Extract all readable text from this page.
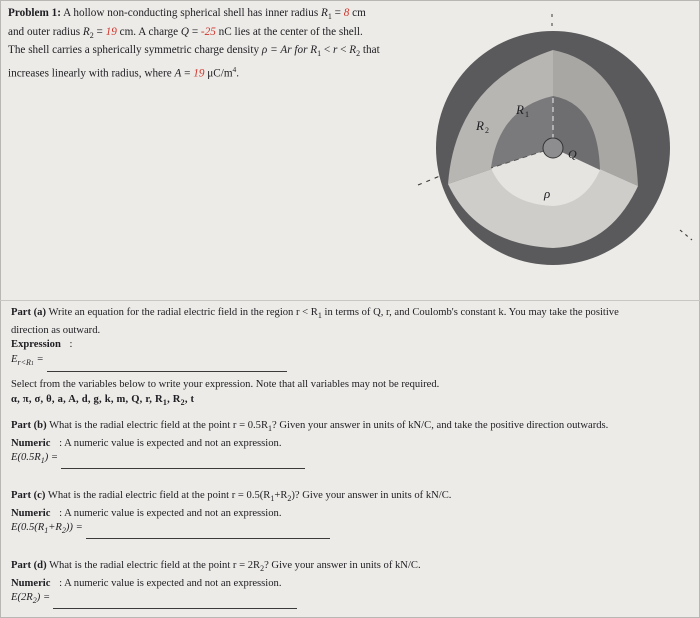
Problem 1: A hollow non-conducting spherical shell has inner radius $R_1 = 8$ cm
and outer radius $R_2 = 19$ cm. A charge Q = -25 nC lies at the center of the shell.
The shell carries a spherically symmetric charge density ρ = Ar for $R_1 < r < R_2$ that
increases linearly with radius, where A = 19 $\mu C/m^4$.
R 1
R 2
Q
ρ
Part (a) Write an equation for the radial electric field in the region $r < R_1$ in terms of Q, r, and Coulomb's constant k. You may take the positive
direction as outward.
Expression :
$E_{r<R1}$ =
Select from the variables below to write your expression. Note that all variables may not be required.
α, π, σ, θ, a, A, d, g, k, m, Q, r, $R_1$, $R_2$, t
Part (b) What is the radial electric field at the point $r = 0.5R_1$? Given your answer in units of kN/C, and take the positive direction outwards.
Numeric : A numeric value is expected and not an expression.
$E(0.5R_1)$ =
Part (c) What is the radial electric field at the point $r = 0.5(R_1+R_2)$? Give your answer in units of kN/C.
Numeric : A numeric value is expected and not an expression.
$E(0.5(R_1+R_2))$ =
Part (d) What is the radial electric field at the point $r = 2R_2$? Give your answer in units of kN/C.
Numeric : A numeric value is expected and not an expression.
$E(2R_2)$ =
